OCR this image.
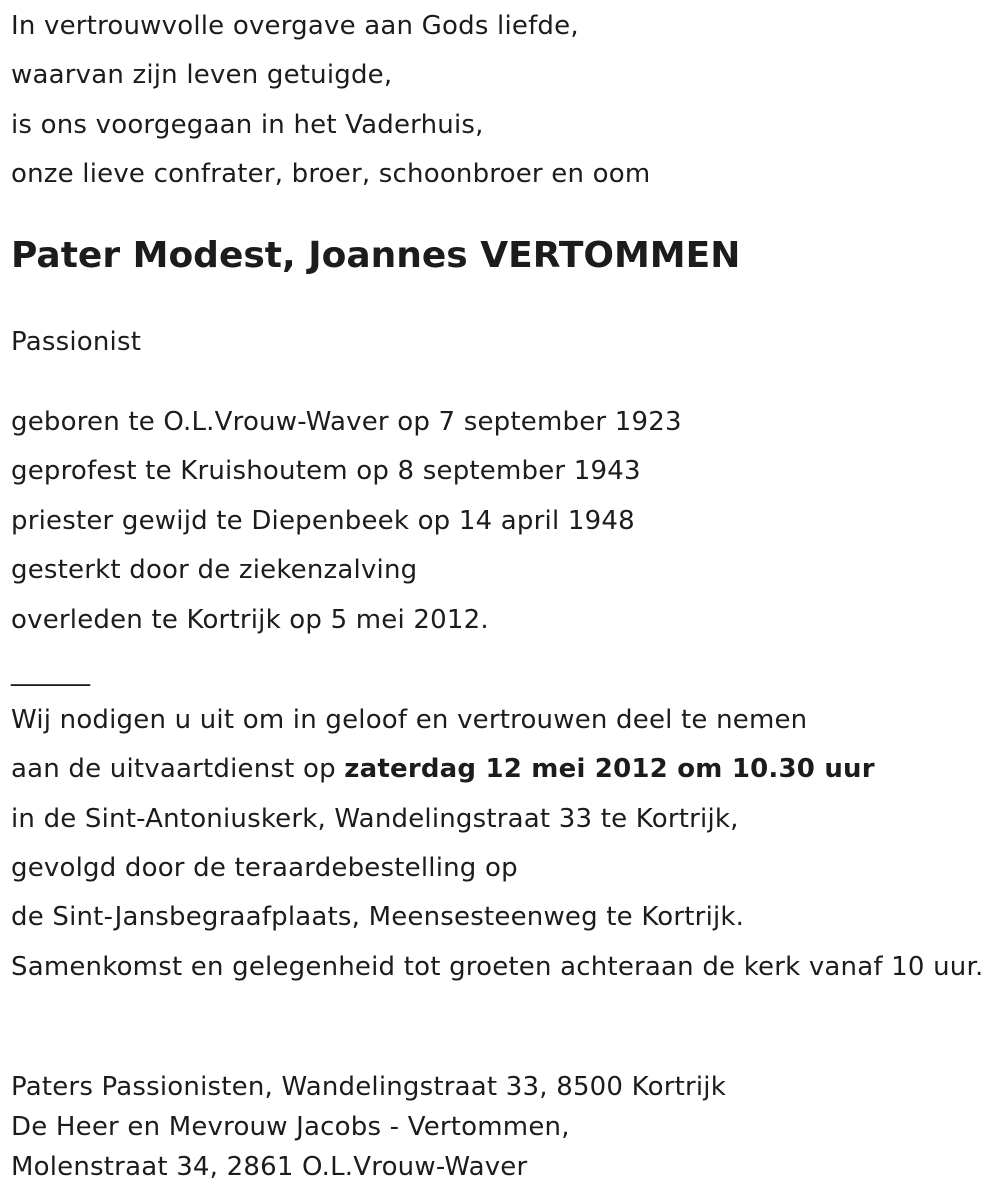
In vertrouwvolle overgave aan Gods liefde,
waarvan zijn leven getuigde,
is ons voorgegaan in het Vaderhuis,
onze lieve confrater, broer, schoonbroer en oom
Pater Modest, Joannes VERTOMMEN
Passionist
geboren te O.L.Vrouw-Waver op 7 september 1923
geprofest te Kruishoutem op 8 september 1943
priester gewijd te Diepenbeek op 14 april 1948
gesterkt door de ziekenzalving
overleden te Kortrijk op 5 mei 2012.
______
Wij nodigen u uit om in geloof en vertrouwen deel te nemen
aan de uitvaartdienst op zaterdag 12 mei 2012 om 10.30 uur
in de Sint-Antoniuskerk, Wandelingstraat 33 te Kortrijk,
gevolgd door de teraardebestelling op
de Sint-Jansbegraafplaats, Meensesteenweg te Kortrijk.
Samenkomst en gelegenheid tot groeten achteraan de kerk vanaf 10 uur.
Paters Passionisten, Wandelingstraat 33, 8500 Kortrijk
De Heer en Mevrouw Jacobs - Vertommen,
Molenstraat 34, 2861 O.L.Vrouw-Waver
